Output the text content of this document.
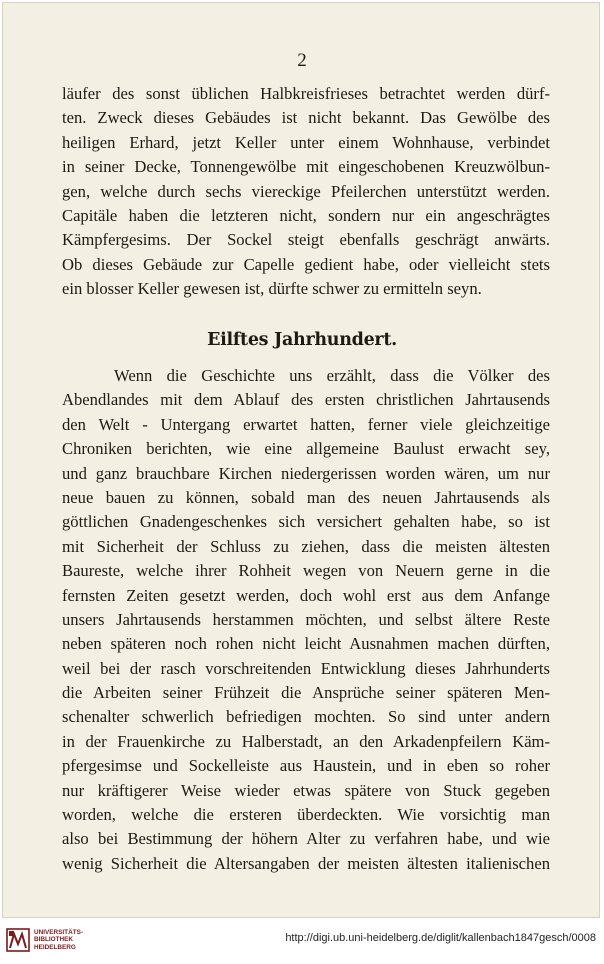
2
läufer des sonst üblichen Halbkreisfrieses betrachtet werden dürf-
ten. Zweck dieses Gebäudes ist nicht bekannt. Das Gewölbe des
heiligen Erhard, jetzt Keller unter einem Wohnhause, verbindet
in seiner Decke, Tonnengewölbe mit eingeschobenen Kreuzwölbun-
gen, welche durch sechs viereckige Pfeilerchen unterstützt werden.
Capitäle haben die letzteren nicht, sondern nur ein angeschrägtes
Kämpfergesims. Der Sockel steigt ebenfalls geschrägt anwärts.
Ob dieses Gebäude zur Capelle gedient habe, oder vielleicht stets
ein blosser Keller gewesen ist, dürfte schwer zu ermitteln seyn.
Eilftes Jahrhundert.
Wenn die Geschichte uns erzählt, dass die Völker des
Abendlandes mit dem Ablauf des ersten christlichen Jahrtausends
den Welt - Untergang erwartet hatten, ferner viele gleichzeitige
Chroniken berichten, wie eine allgemeine Baulust erwacht sey,
und ganz brauchbare Kirchen niedergerissen worden wären, um nur
neue bauen zu können, sobald man des neuen Jahrtausends als
göttlichen Gnadengeschenkes sich versichert gehalten habe, so ist
mit Sicherheit der Schluss zu ziehen, dass die meisten ältesten
Baureste, welche ihrer Rohheit wegen von Neuern gerne in die
fernsten Zeiten gesetzt werden, doch wohl erst aus dem Anfange
unsers Jahrtausends herstammen möchten, und selbst ältere Reste
neben späteren noch rohen nicht leicht Ausnahmen machen dürften,
weil bei der rasch vorschreitenden Entwicklung dieses Jahrhunderts
die Arbeiten seiner Frühzeit die Ansprüche seiner späteren Men-
schenalter schwerlich befriedigen mochten. So sind unter andern
in der Frauenkirche zu Halberstadt, an den Arkadenpfeilern Käm-
pfergesimse und Sockelleiste aus Haustein, und in eben so roher
nur kräftigerer Weise wieder etwas spätere von Stuck gegeben
worden, welche die ersteren überdeckten. Wie vorsichtig man
also bei Bestimmung der höhern Alter zu verfahren habe, und wie
wenig Sicherheit die Altersangaben der meisten ältesten italienischen
UNIVERSITÄTS-
BIBLIOTHEK
HEIDELBERG
http://digi.ub.uni-heidelberg.de/diglit/kallenbach1847gesch/0008
